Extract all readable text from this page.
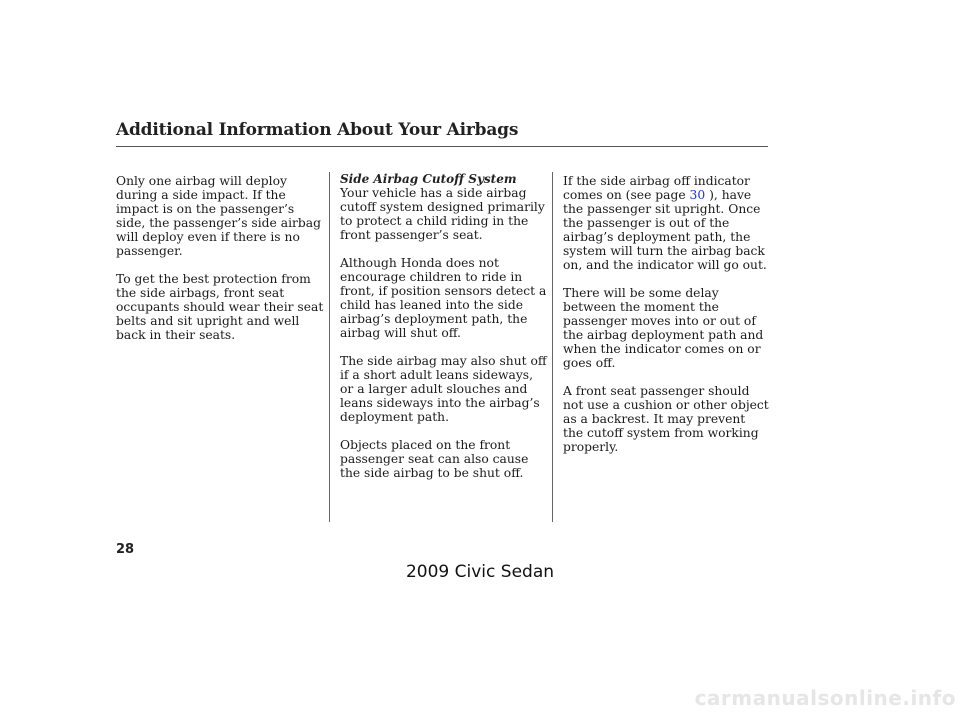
Additional Information About Your Airbags

Only one airbag will deploy during a side impact. If the impact is on the passenger’s side, the passenger’s side airbag will deploy even if there is no passenger.

To get the best protection from the side airbags, front seat occupants should wear their seat belts and sit upright and well back in their seats.

Side Airbag Cutoff System

Your vehicle has a side airbag cutoff system designed primarily to protect a child riding in the front passenger’s seat.

Although Honda does not encourage children to ride in front, if position sensors detect a child has leaned into the side airbag’s deployment path, the airbag will shut off.

The side airbag may also shut off if a short adult leans sideways, or a larger adult slouches and leans sideways into the airbag’s deployment path.

Objects placed on the front passenger seat can also cause the side airbag to be shut off.

If the side airbag off indicator comes on (see page 30 ), have the passenger sit upright. Once the passenger is out of the airbag’s deployment path, the system will turn the airbag back on, and the indicator will go out.

There will be some delay between the moment the passenger moves into or out of the airbag deployment path and when the indicator comes on or goes off.

A front seat passenger should not use a cushion or other object as a backrest. It may prevent the cutoff system from working properly.

28
2009 Civic Sedan
carmanualsonline.info
